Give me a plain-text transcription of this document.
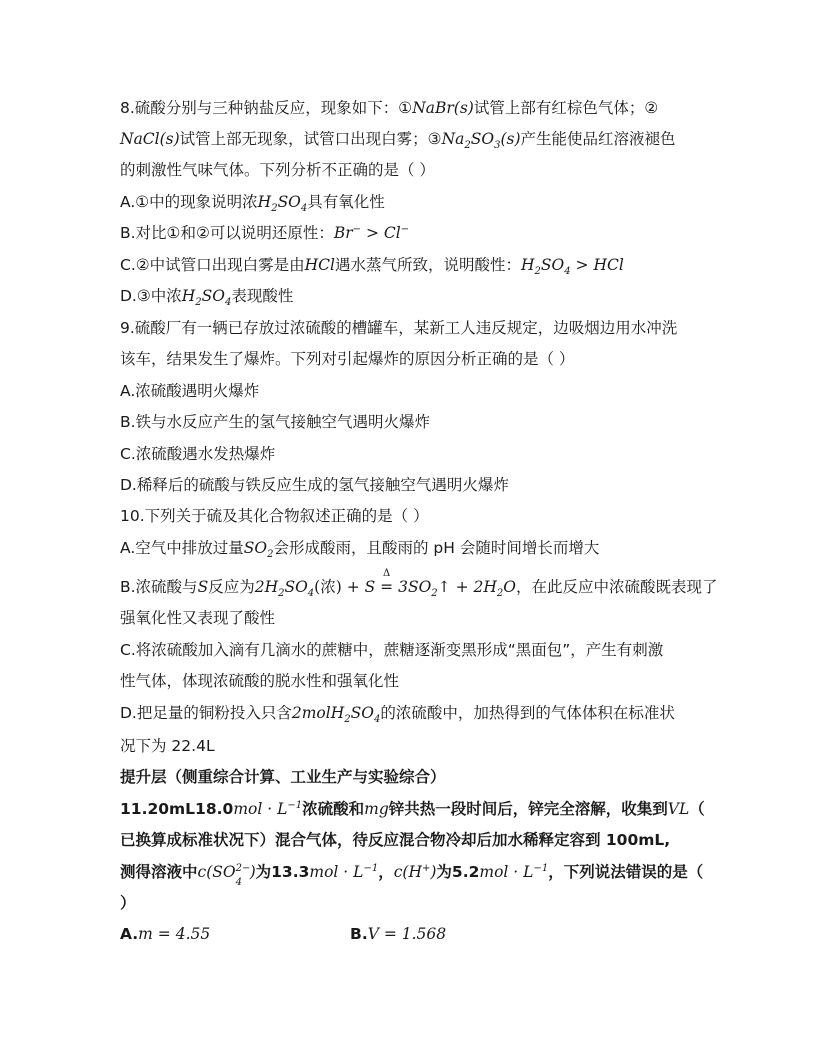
8.硫酸分别与三种钠盐反应，现象如下：①NaBr(s)试管上部有红棕色气体；②
NaCl(s)试管上部无现象，试管口出现白雾；$③Na_2SO_3(s)$产生能使品红溶液褪色
的刺激性气味气体。下列分析不正确的是（ ）
A.①中的现象说明浓$H_2SO_4$具有氧化性
B.对比①和②可以说明还原性：Br− > Cl−
C.②中试管口出现白雾是由HCl遇水蒸气所致，说明酸性：$H_2SO_4$ > HCl
D.③中浓$H_2SO_4$表现酸性
9.硫酸厂有一辆已存放过浓硫酸的槽罐车，某新工人违反规定，边吸烟边用水冲洗
该车，结果发生了爆炸。下列对引起爆炸的原因分析正确的是（ ）
A.浓硫酸遇明火爆炸
B.铁与水反应产生的氢气接触空气遇明火爆炸
C.浓硫酸遇水发热爆炸
D.稀释后的硫酸与铁反应生成的氢气接触空气遇明火爆炸
10.下列关于硫及其化合物叙述正确的是（ ）
A.空气中排放过量$SO_2$会形成酸雨，且酸雨的 pH 会随时间增长而增大
B.浓硫酸与S反应为$2H_2SO_4$(浓) + S
Δ
= $3SO_2↑ + 2H_2O$，在此反应中浓硫酸既表现了
强氧化性又表现了酸性
C.将浓硫酸加入滴有几滴水的蔗糖中，蔗糖逐渐变黑形成“黑面包”，产生有刺激
性气体，体现浓硫酸的脱水性和强氧化性
D.把足量的铜粉投入只含$2molH_2SO_4$的浓硫酸中，加热得到的气体体积在标准状
况下为 22.4L
提升层（侧重综合计算、工业生产与实验综合）
$11.20mL18.0mol \cdot L^{-1}$浓硫酸和mg锌共热一段时间后，锌完全溶解，收集到VL（
已换算成标准状况下）混合气体，待反应混合物冷却后加水稀释定容到 100mL,
测得溶液中c(SO 2−
4
)为$13.3mol \cdot L^{-1}$，c(H+)为$5.2mol \cdot L^{-1}$，下列说法错误的是（
）
A.m = 4.55	B.V = 1.568
